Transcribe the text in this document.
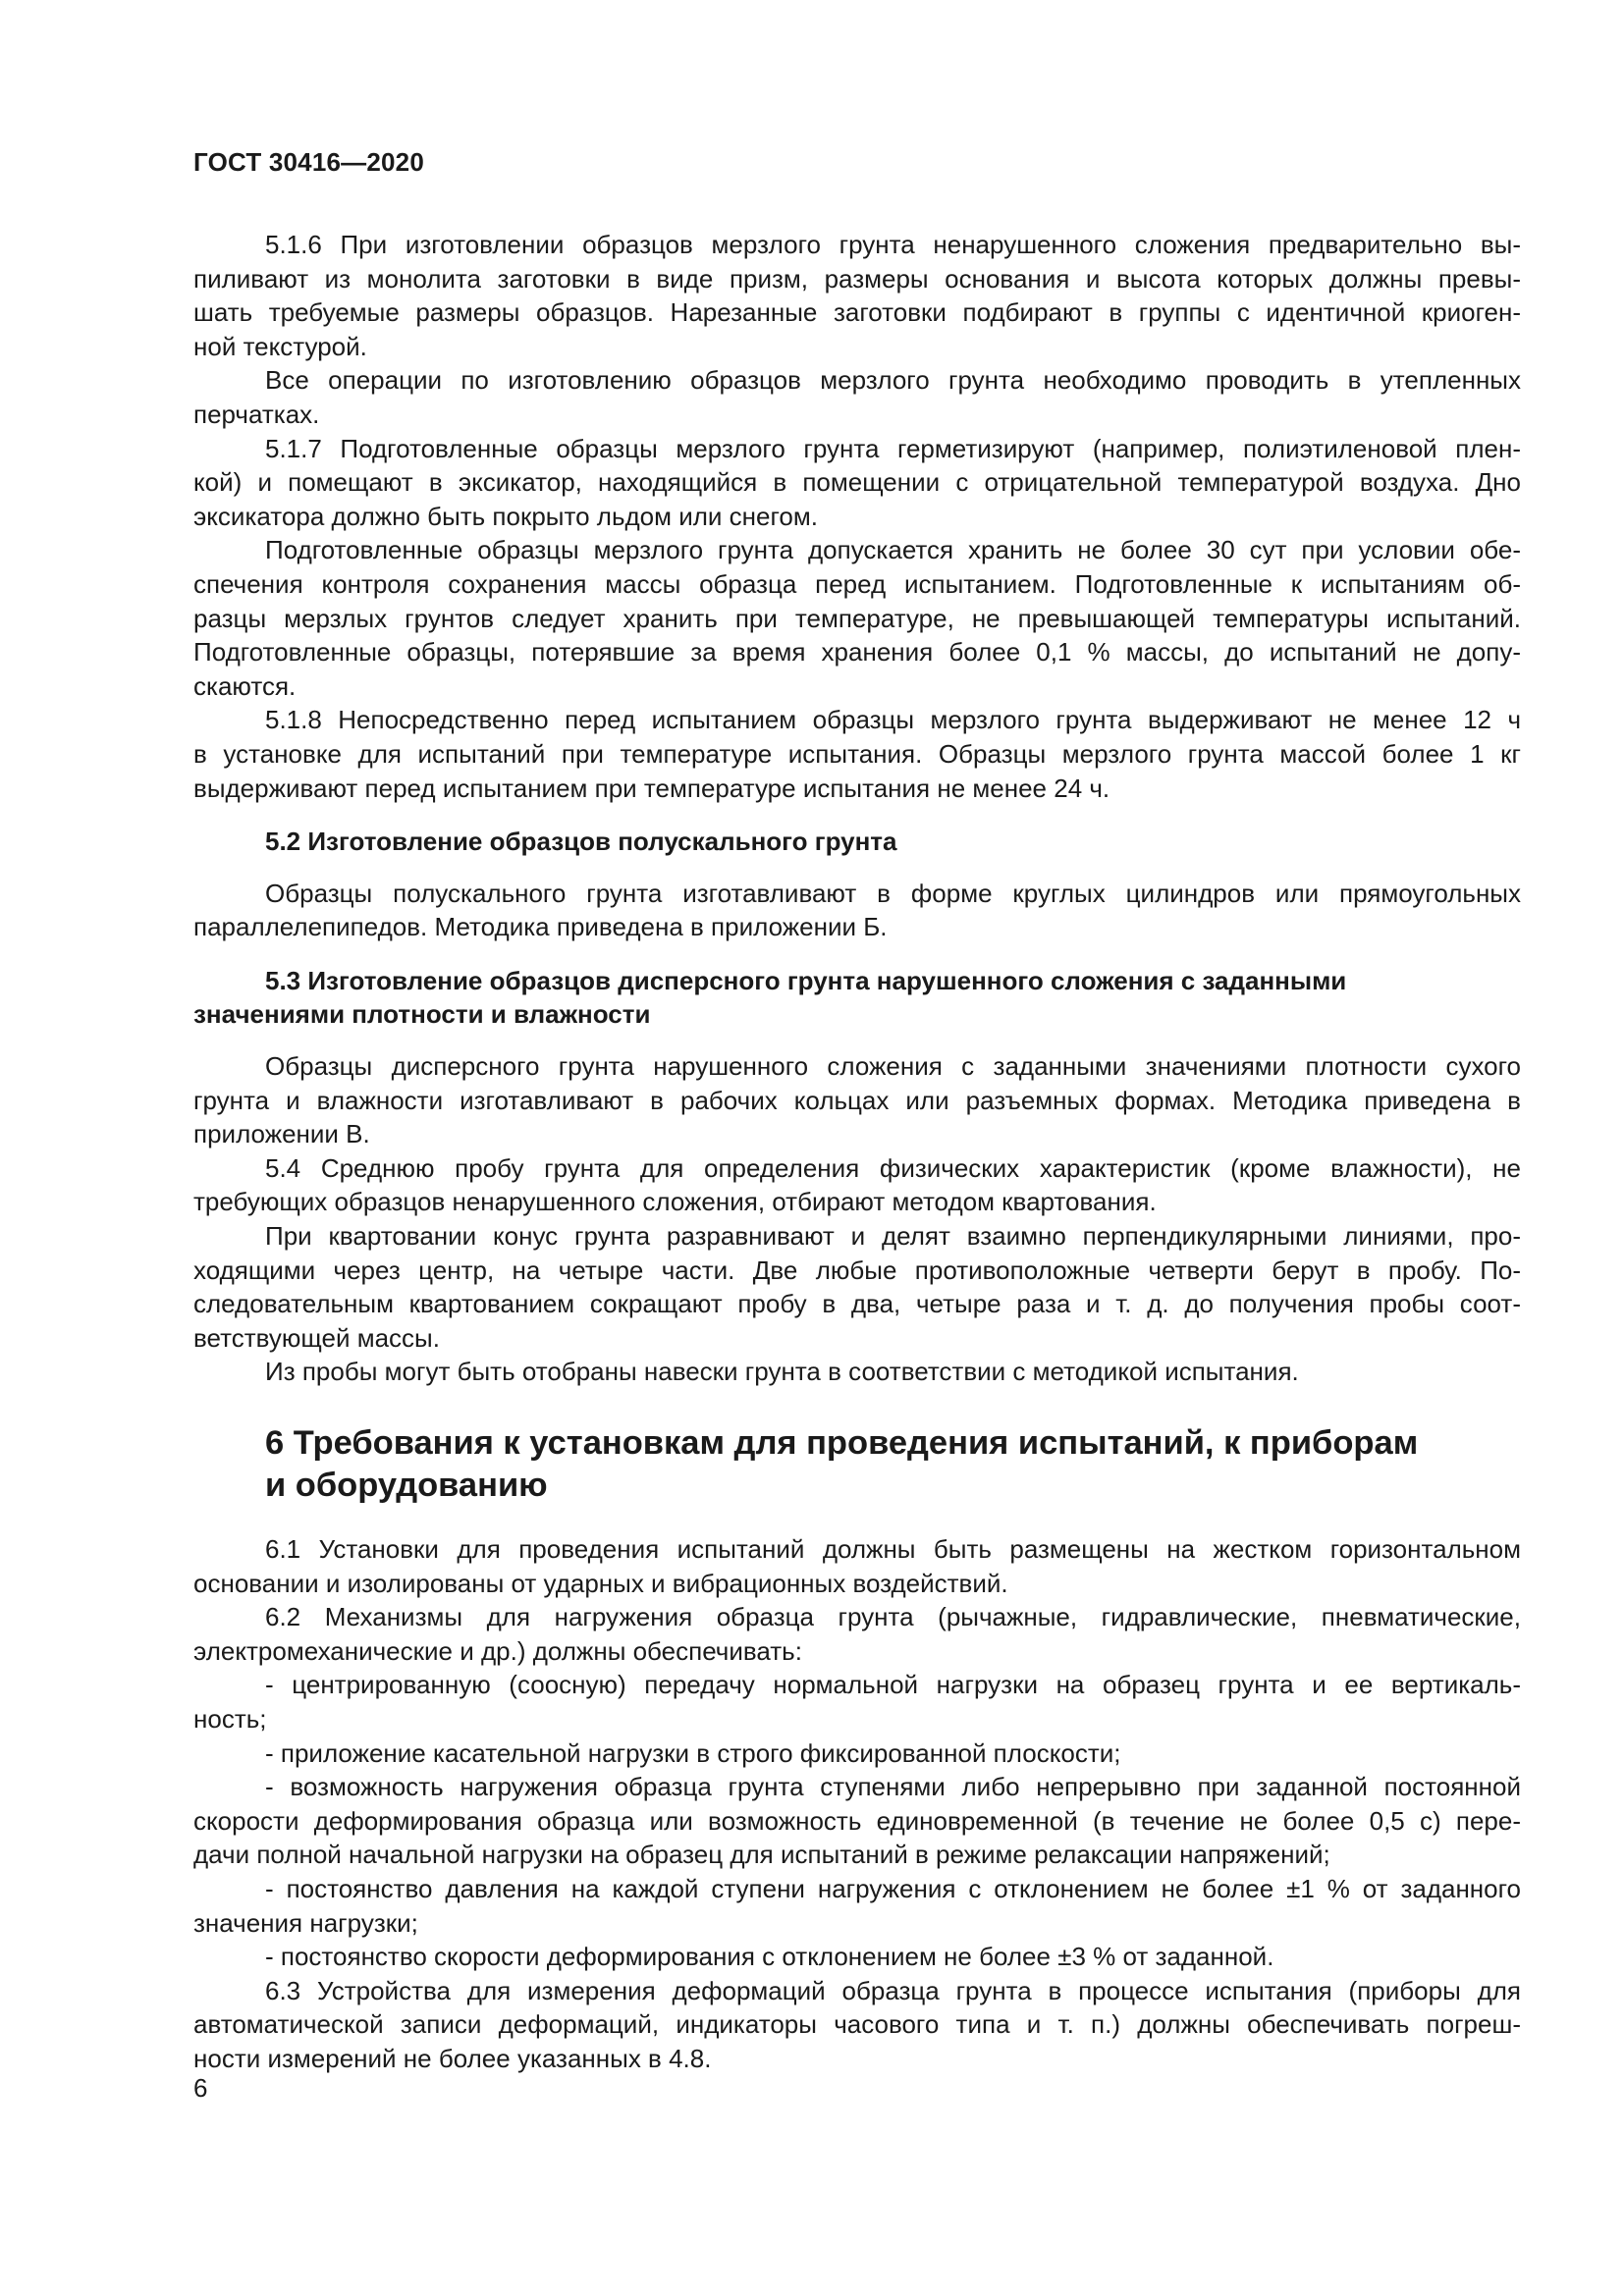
ГОСТ 30416—2020
5.1.6 При изготовлении образцов мерзлого грунта ненарушенного сложения предварительно вы-
пиливают из монолита заготовки в виде призм, размеры основания и высота которых должны превы-
шать требуемые размеры образцов. Нарезанные заготовки подбирают в группы с идентичной криоген-
ной текстурой.
Все операции по изготовлению образцов мерзлого грунта необходимо проводить в утепленных
перчатках.
5.1.7 Подготовленные образцы мерзлого грунта герметизируют (например, полиэтиленовой плен-
кой) и помещают в эксикатор, находящийся в помещении с отрицательной температурой воздуха. Дно
эксикатора должно быть покрыто льдом или снегом.
Подготовленные образцы мерзлого грунта допускается хранить не более 30 сут при условии обе-
спечения контроля сохранения массы образца перед испытанием. Подготовленные к испытаниям об-
разцы мерзлых грунтов следует хранить при температуре, не превышающей температуры испытаний.
Подготовленные образцы, потерявшие за время хранения более 0,1 % массы, до испытаний не допу-
скаются.
5.1.8 Непосредственно перед испытанием образцы мерзлого грунта выдерживают не менее 12 ч
в установке для испытаний при температуре испытания. Образцы мерзлого грунта массой более 1 кг
выдерживают перед испытанием при температуре испытания не менее 24 ч.
5.2 Изготовление образцов полускального грунта
Образцы полускального грунта изготавливают в форме круглых цилиндров или прямоугольных
параллелепипедов. Методика приведена в приложении Б.
5.3 Изготовление образцов дисперсного грунта нарушенного сложения с заданными
значениями плотности и влажности
Образцы дисперсного грунта нарушенного сложения с заданными значениями плотности сухого
грунта и влажности изготавливают в рабочих кольцах или разъемных формах. Методика приведена в
приложении В.
5.4 Среднюю пробу грунта для определения физических характеристик (кроме влажности), не
требующих образцов ненарушенного сложения, отбирают методом квартования.
При квартовании конус грунта разравнивают и делят взаимно перпендикулярными линиями, про-
ходящими через центр, на четыре части. Две любые противоположные четверти берут в пробу. По-
следовательным квартованием сокращают пробу в два, четыре раза и т. д. до получения пробы соот-
ветствующей массы.
Из пробы могут быть отобраны навески грунта в соответствии с методикой испытания.
6 Требования к установкам для проведения испытаний, к приборам
и оборудованию
6.1 Установки для проведения испытаний должны быть размещены на жестком горизонтальном
основании и изолированы от ударных и вибрационных воздействий.
6.2 Механизмы для нагружения образца грунта (рычажные, гидравлические, пневматические,
электромеханические и др.) должны обеспечивать:
- центрированную (соосную) передачу нормальной нагрузки на образец грунта и ее вертикаль-
ность;
- приложение касательной нагрузки в строго фиксированной плоскости;
- возможность нагружения образца грунта ступенями либо непрерывно при заданной постоянной
скорости деформирования образца или возможность единовременной (в течение не более 0,5 с) пере-
дачи полной начальной нагрузки на образец для испытаний в режиме релаксации напряжений;
- постоянство давления на каждой ступени нагружения с отклонением не более ±1 % от заданного
значения нагрузки;
- постоянство скорости деформирования с отклонением не более ±3 % от заданной.
6.3 Устройства для измерения деформаций образца грунта в процессе испытания (приборы для
автоматической записи деформаций, индикаторы часового типа и т. п.) должны обеспечивать погреш-
ности измерений не более указанных в 4.8.
6
